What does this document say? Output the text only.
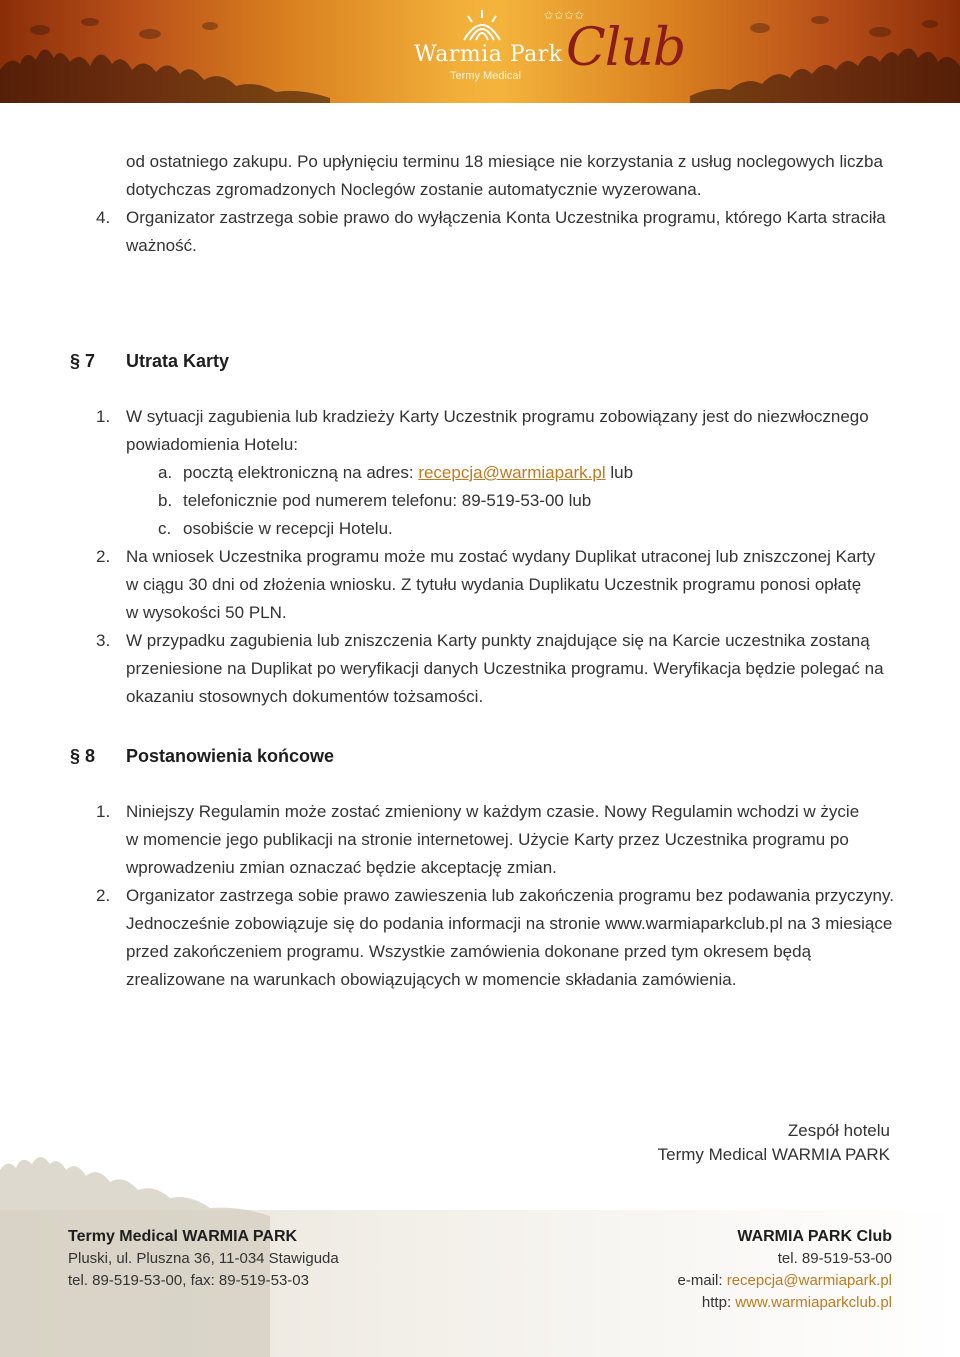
✩✩✩✩
Warmia Park
Termy Medical Club
od ostatniego zakupu. Po upłynięciu terminu 18 miesiące nie korzystania z usług noclegowych liczba
dotychczas zgromadzonych Noclegów zostanie automatycznie wyzerowana.
4. Organizator zastrzega sobie prawo do wyłączenia Konta Uczestnika programu, którego Karta straciła
ważność.
§ 7 Utrata Karty
1. W sytuacji zagubienia lub kradzieży Karty Uczestnik programu zobowiązany jest do niezwłocznego
powiadomienia Hotelu:
a. pocztą elektroniczną na adres: recepcja@warmiapark.pl lub
b. telefonicznie pod numerem telefonu: 89-519-53-00 lub
c. osobiście w recepcji Hotelu.
2. Na wniosek Uczestnika programu może mu zostać wydany Duplikat utraconej lub zniszczonej Karty
w ciągu 30 dni od złożenia wniosku. Z tytułu wydania Duplikatu Uczestnik programu ponosi opłatę
w wysokości 50 PLN.
3. W przypadku zagubienia lub zniszczenia Karty punkty znajdujące się na Karcie uczestnika zostaną
przeniesione na Duplikat po weryfikacji danych Uczestnika programu. Weryfikacja będzie polegać na
okazaniu stosownych dokumentów tożsamości.
§ 8 Postanowienia końcowe
1. Niniejszy Regulamin może zostać zmieniony w każdym czasie. Nowy Regulamin wchodzi w życie
w momencie jego publikacji na stronie internetowej. Użycie Karty przez Uczestnika programu po
wprowadzeniu zmian oznaczać będzie akceptację zmian.
2. Organizator zastrzega sobie prawo zawieszenia lub zakończenia programu bez podawania przyczyny.
Jednocześnie zobowiązuje się do podania informacji na stronie www.warmiaparkclub.pl na 3 miesiące
przed zakończeniem programu. Wszystkie zamówienia dokonane przed tym okresem będą
zrealizowane na warunkach obowiązujących w momencie składania zamówienia.
Zespół hotelu
Termy Medical WARMIA PARK
Termy Medical WARMIA PARK
Pluski, ul. Pluszna 36, 11-034 Stawiguda
tel. 89-519-53-00, fax: 89-519-53-03
WARMIA PARK Club
tel. 89-519-53-00
e-mail: recepcja@warmiapark.pl
http: www.warmiaparkclub.pl
